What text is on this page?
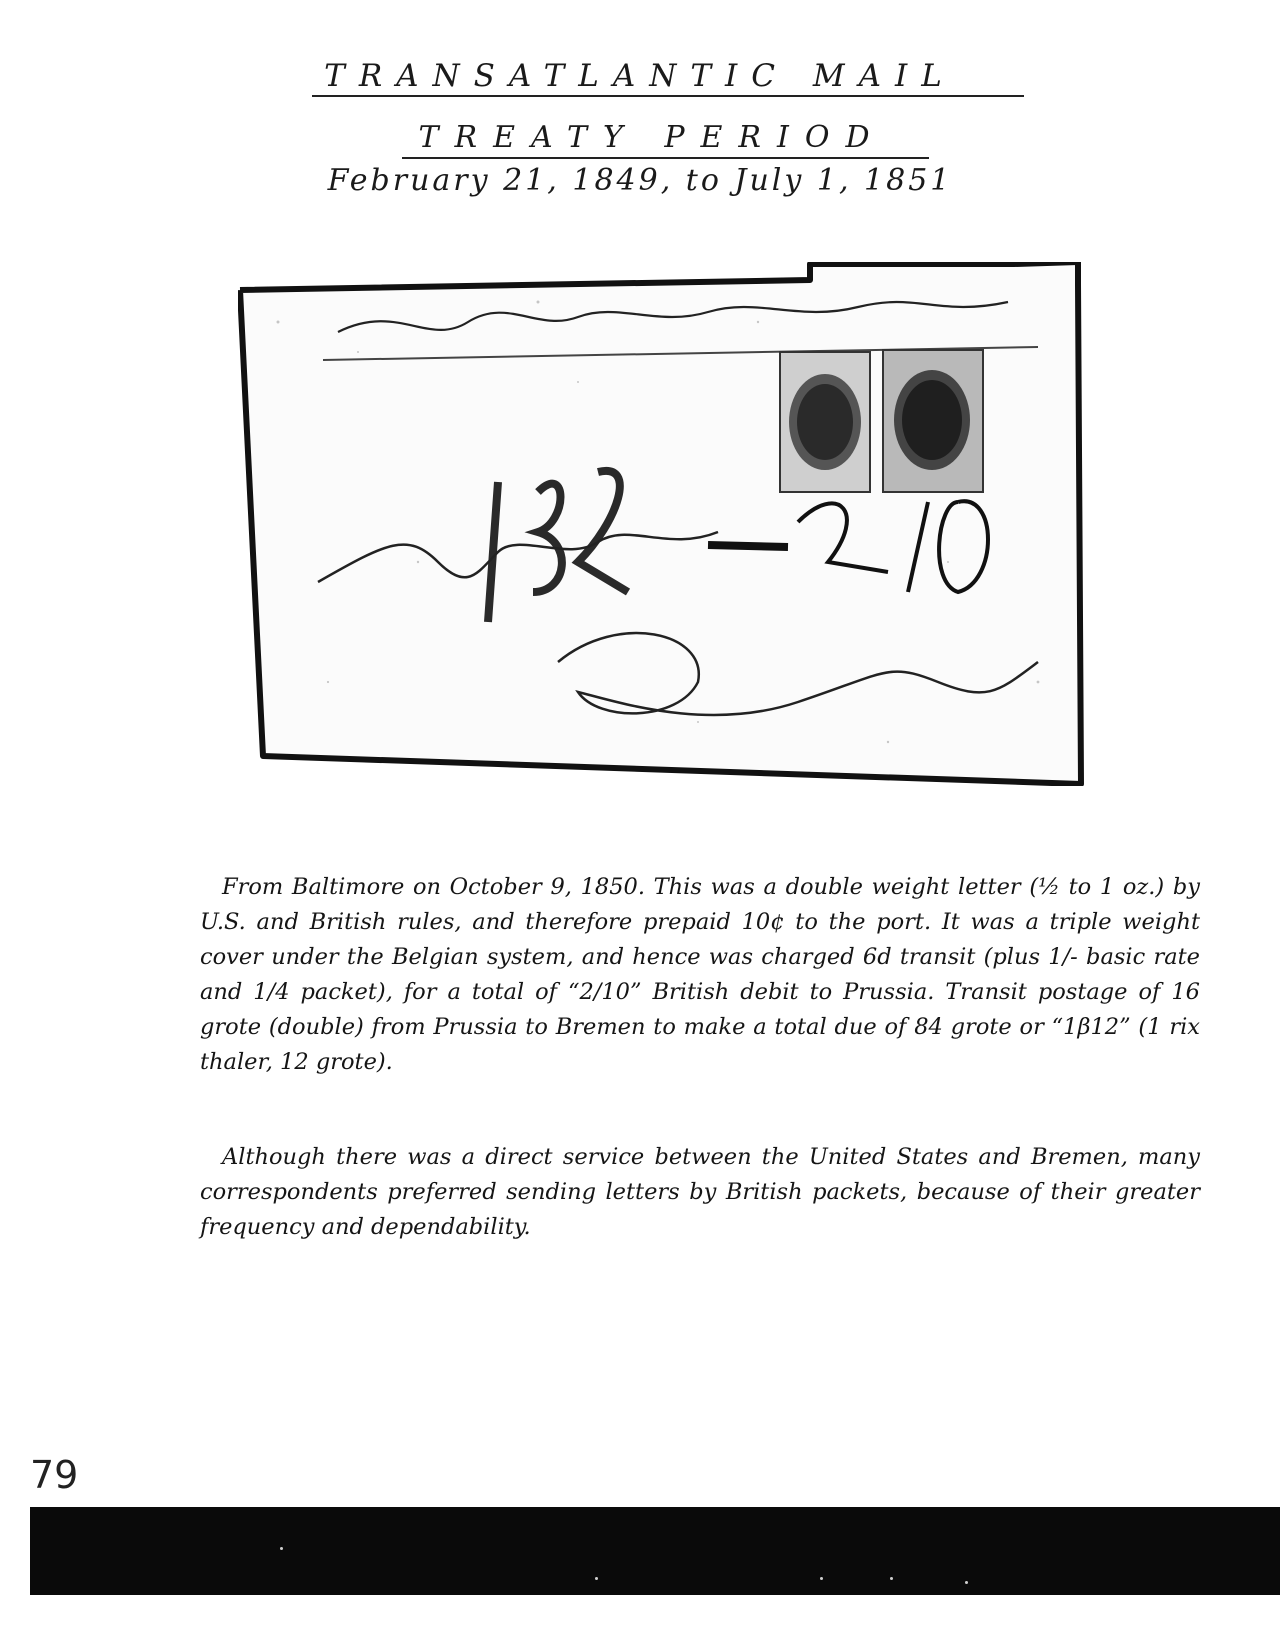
TRANSATLANTIC MAIL
TREATY PERIOD
February 21, 1849, to July 1, 1851

From Baltimore on October 9, 1850. This was a double weight letter (½ to 1 oz.) by U.S. and British rules, and therefore prepaid 10¢ to the port. It was a triple weight cover under the Belgian system, and hence was charged 6d transit (plus 1/- basic rate and 1/4 packet), for a total of “2/10” British debit to Prussia. Transit postage of 16 grote (double) from Prussia to Bremen to make a total due of 84 grote or “1β12” (1 rix thaler, 12 grote).

Although there was a direct service between the United States and Bremen, many correspondents preferred sending letters by British packets, because of their greater frequency and dependability.

79
